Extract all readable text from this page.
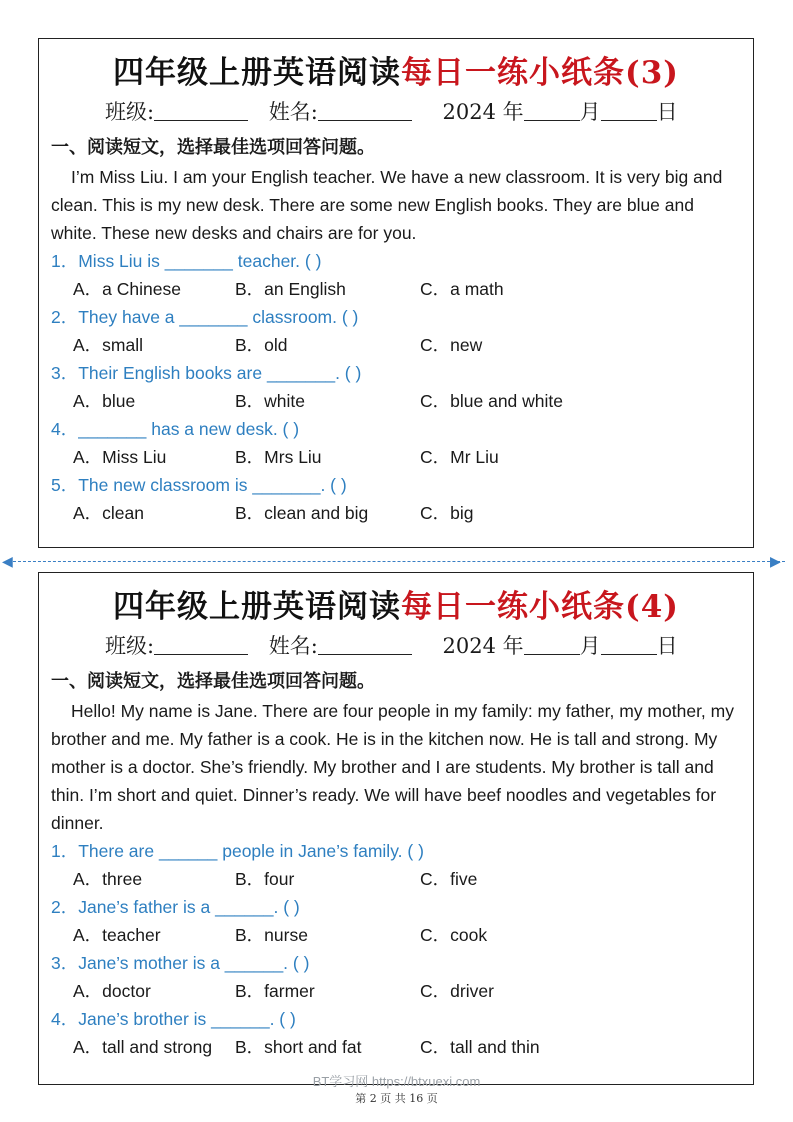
四年级上册英语阅读每日一练小纸条(3)
班级:	姓名:	2024 年	月	日
一、阅读短文，选择最佳选项回答问题。

I’m Miss Liu. I am your English teacher. We have a new classroom. It is very big and clean. This is my new desk. There are some new English books. They are blue and white. These new desks and chairs are for you.

1．Miss Liu is _______ teacher. ( )
A．a Chinese	B．an English	C．a math
2．They have a _______ classroom. ( )
A．small	B．old	C．new
3．Their English books are _______. ( )
A．blue	B．white	C．blue and white
4．_______ has a new desk. ( )
A．Miss Liu	B．Mrs Liu	C．Mr Liu
5．The new classroom is _______. ( )
A．clean	B．clean and big	C．big
◀	▶
四年级上册英语阅读每日一练小纸条(4)
班级:	姓名:	2024 年	月	日
一、阅读短文，选择最佳选项回答问题。

Hello! My name is Jane. There are four people in my family: my father, my mother, my brother and me. My father is a cook. He is in the kitchen now. He is tall and strong. My mother is a doctor. She’s friendly. My brother and I are students. My brother is tall and thin. I’m short and quiet. Dinner’s ready. We will have beef noodles and vegetables for dinner.

1．There are ______ people in Jane’s family. ( )
A．three	B．four	C．five
2．Jane’s father is a ______. ( )
A．teacher	B．nurse	C．cook
3．Jane’s mother is a ______. ( )
A．doctor	B．farmer	C．driver
4．Jane’s brother is ______. ( )
A．tall and strong B．short and fat	C．tall and thin
BT学习网 https://btxuexi.com
第 2 页 共 16 页
